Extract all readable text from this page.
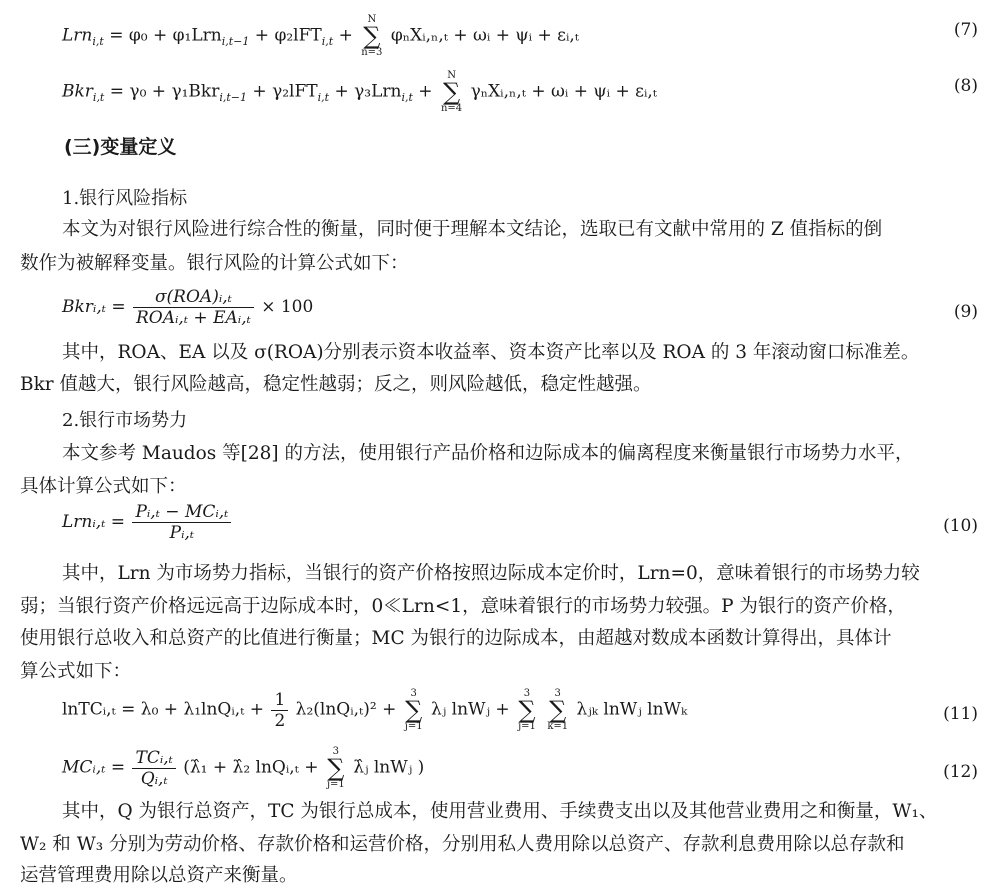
Lrn$_{i,t}$ = φ₀ + φ₁Lrn$_{i,t-1}$ + φ₂lFT$_{i,t}$ + N
∑
n=3 φₙXᵢ,ₙ,ₜ + ωᵢ + ψᵢ + εᵢ,ₜ	(7)
Bkr$_{i,t}$ = γ₀ + γ₁Bkr$_{i,t-1}$ + γ₂lFT$_{i,t}$ + γ₃Lrn$_{i,t}$ + N
∑
n=4 γₙXᵢ,ₙ,ₜ + ωᵢ + ψᵢ + εᵢ,ₜ	(8)
(三)变量定义
1.银行风险指标
本文为对银行风险进行综合性的衡量，同时便于理解本文结论，选取已有文献中常用的 Z 值指标的倒
数作为被解释变量。银行风险的计算公式如下：
Bkrᵢ,ₜ = $\frac{\text{σ(ROA)ᵢ,ₜ}}{\text{ROAᵢ,ₜ + EAᵢ,ₜ}} \times 100$	(9)
其中，ROA、EA 以及 σ(ROA)分别表示资本收益率、资本资产比率以及 ROA 的 3 年滚动窗口标准差。
Bkr 值越大，银行风险越高，稳定性越弱；反之，则风险越低，稳定性越强。
2.银行市场势力
本文参考 Maudos 等[28] 的方法，使用银行产品价格和边际成本的偏离程度来衡量银行市场势力水平，
具体计算公式如下：
Lrnᵢ,ₜ = $\frac{\text{Pᵢ,ₜ − MCᵢ,ₜ}}{\text{Pᵢ,ₜ}}$	(10)
其中，Lrn 为市场势力指标，当银行的资产价格按照边际成本定价时，Lrn=0，意味着银行的市场势力较
弱；当银行资产价格远远高于边际成本时，0≪Lrn<1，意味着银行的市场势力较强。P 为银行的资产价格，
使用银行总收入和总资产的比值进行衡量；MC 为银行的边际成本，由超越对数成本函数计算得出，具体计
算公式如下：
lnTCᵢ,ₜ = λ₀ + λ₁lnQᵢ,ₜ + $\frac{1}{2}$ λ₂(lnQᵢ,ₜ)² + 3
∑
j=1 λⱼ lnWⱼ + 3
∑
j=1 3
∑
k=1 λⱼₖ lnWⱼ lnWₖ	(11)
MCᵢ,ₜ = $\frac{\text{TCᵢ,ₜ}}{\text{Qᵢ,ₜ}}$ (λ̂₁ + λ̂₂ lnQᵢ,ₜ + 3
∑
j=1 λ̂ⱼ lnWⱼ )	(12)
其中，Q 为银行总资产，TC 为银行总成本，使用营业费用、手续费支出以及其他营业费用之和衡量，W₁、
W₂ 和 W₃ 分别为劳动价格、存款价格和运营价格，分别用私人费用除以总资产、存款利息费用除以总存款和
运营管理费用除以总资产来衡量。
